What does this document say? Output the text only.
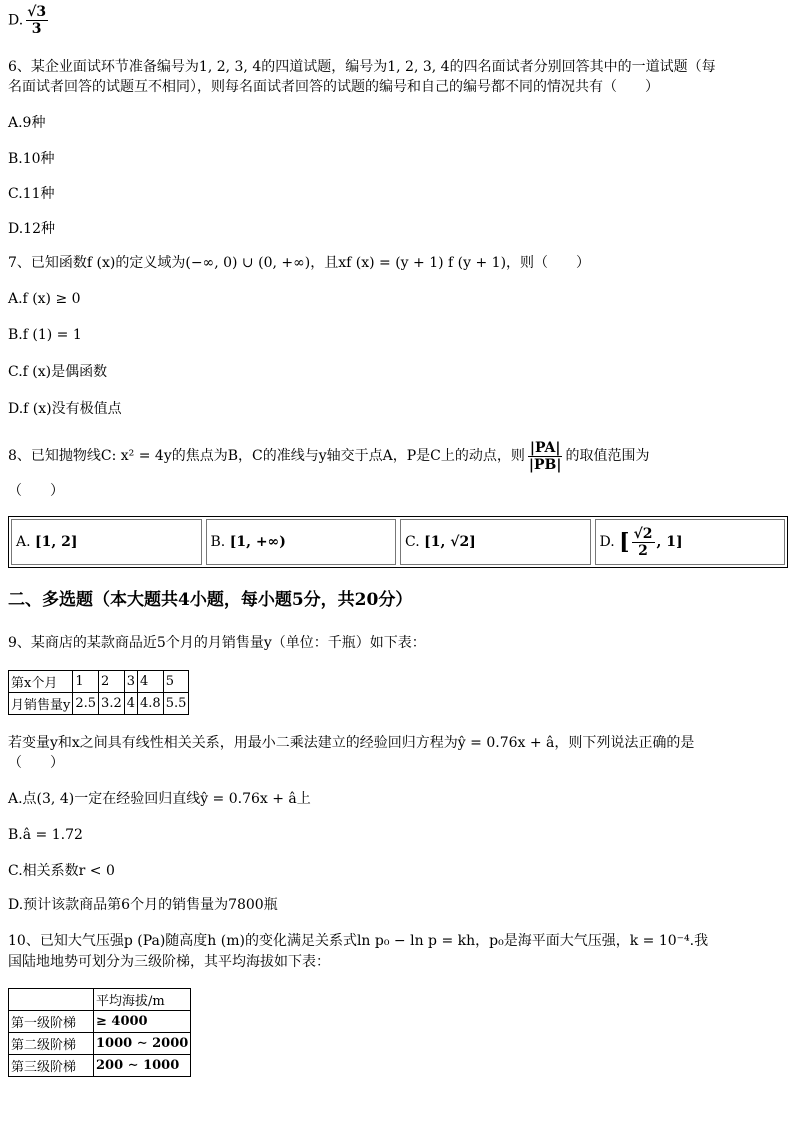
D. $\frac{√3}{3}$
6、某企业面试环节准备编号为1, 2, 3, 4的四道试题，编号为1, 2, 3, 4的四名面试者分别回答其中的一道试题（每
名面试者回答的试题互不相同），则每名面试者回答的试题的编号和自己的编号都不同的情况共有（　　）
A.9种
B.10种
C.11种
D.12种
7、已知函数f (x)的定义域为(−∞, 0) ∪ (0, +∞)，且xf (x) = (y + 1) f (y + 1)，则（　　）
A.f (x) ≥ 0
B.f (1) = 1
C.f (x)是偶函数
D.f (x)没有极值点
8、已知抛物线C: x² = 4y的焦点为B，C的准线与y轴交于点A，P是C上的动点，则 $\frac{|PA|}{|PB|}$ 的取值范围为
（　　）
A.
[1, 2]	B.
[1, +∞)	C.
[1, √2]	D.
[ $\frac{√2}{2}$ , 1]
二、多选题（本大题共4小题，每小题5分，共20分）
9、某商店的某款商品近5个月的月销售量y（单位：千瓶）如下表：
第x个月	1	2	3	4	5
月销售量y	2.5	3.2	4	4.8	5.5
若变量y和x之间具有线性相关关系，用最小二乘法建立的经验回归方程为ŷ = 0.76x + â，则下列说法正确的是
（　　）
A.点(3, 4)一定在经验回归直线ŷ = 0.76x + â上
B.â = 1.72
C.相关系数r < 0
D.预计该款商品第6个月的销售量为7800瓶
10、已知大气压强p (Pa)随高度h (m)的变化满足关系式ln p₀ − ln p = kh，p₀是海平面大气压强，k = 10⁻⁴.我
国陆地地势可划分为三级阶梯，其平均海拔如下表：
	平均海拔/m
第一级阶梯	≥ 4000
第二级阶梯	1000 ∼ 2000
第三级阶梯	200 ∼ 1000
